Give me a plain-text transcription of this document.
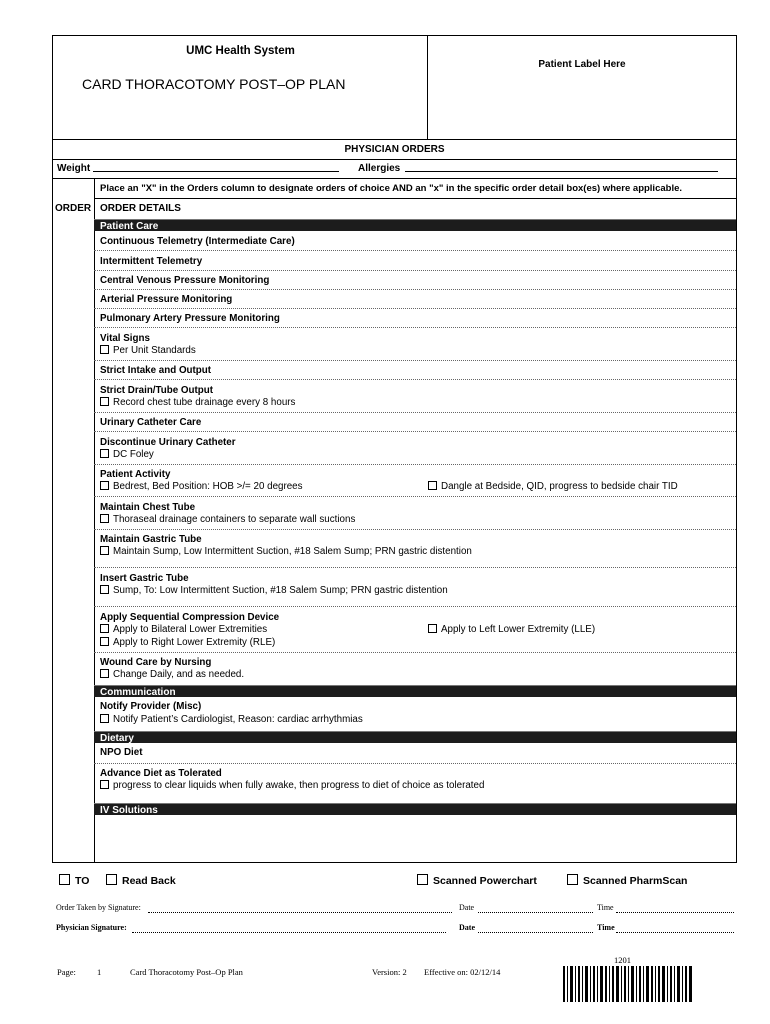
UMC Health System
CARD THORACOTOMY POST–OP PLAN
Patient Label Here
PHYSICIAN ORDERS
Weight	Allergies
Place an "X" in the Orders column to designate orders of choice AND an "x" in the specific order detail box(es) where applicable.
ORDER ORDER DETAILS
Patient Care
Continuous Telemetry (Intermediate Care)
Intermittent Telemetry
Central Venous Pressure Monitoring
Arterial Pressure Monitoring
Pulmonary Artery Pressure Monitoring
Vital Signs
Per Unit Standards
Strict Intake and Output
Strict Drain/Tube Output
Record chest tube drainage every 8 hours
Urinary Catheter Care
Discontinue Urinary Catheter
DC Foley
Patient Activity
Bedrest, Bed Position: HOB >/= 20 degrees	Dangle at Bedside, QID, progress to bedside chair TID
Maintain Chest Tube
Thoraseal drainage containers to separate wall suctions
Maintain Gastric Tube
Maintain Sump, Low Intermittent Suction, #18 Salem Sump; PRN gastric distention
Insert Gastric Tube
Sump, To: Low Intermittent Suction, #18 Salem Sump; PRN gastric distention
Apply Sequential Compression Device
Apply to Bilateral Lower Extremities	Apply to Left Lower Extremity (LLE)
Apply to Right Lower Extremity (RLE)
Wound Care by Nursing
Change Daily, and as needed.
Communication
Notify Provider (Misc)
Notify Patient’s Cardiologist, Reason: cardiac arrhythmias
Dietary
NPO Diet
Advance Diet as Tolerated
progress to clear liquids when fully awake, then progress to diet of choice as tolerated
IV Solutions
TO	Read Back	Scanned Powerchart	Scanned PharmScan
Order Taken by Signature:	Date	Time
Physician Signature:	Date	Time
Page: 1	Card Thoracotomy Post–Op Plan	Version: 2 Effective on: 02/12/14
1201
